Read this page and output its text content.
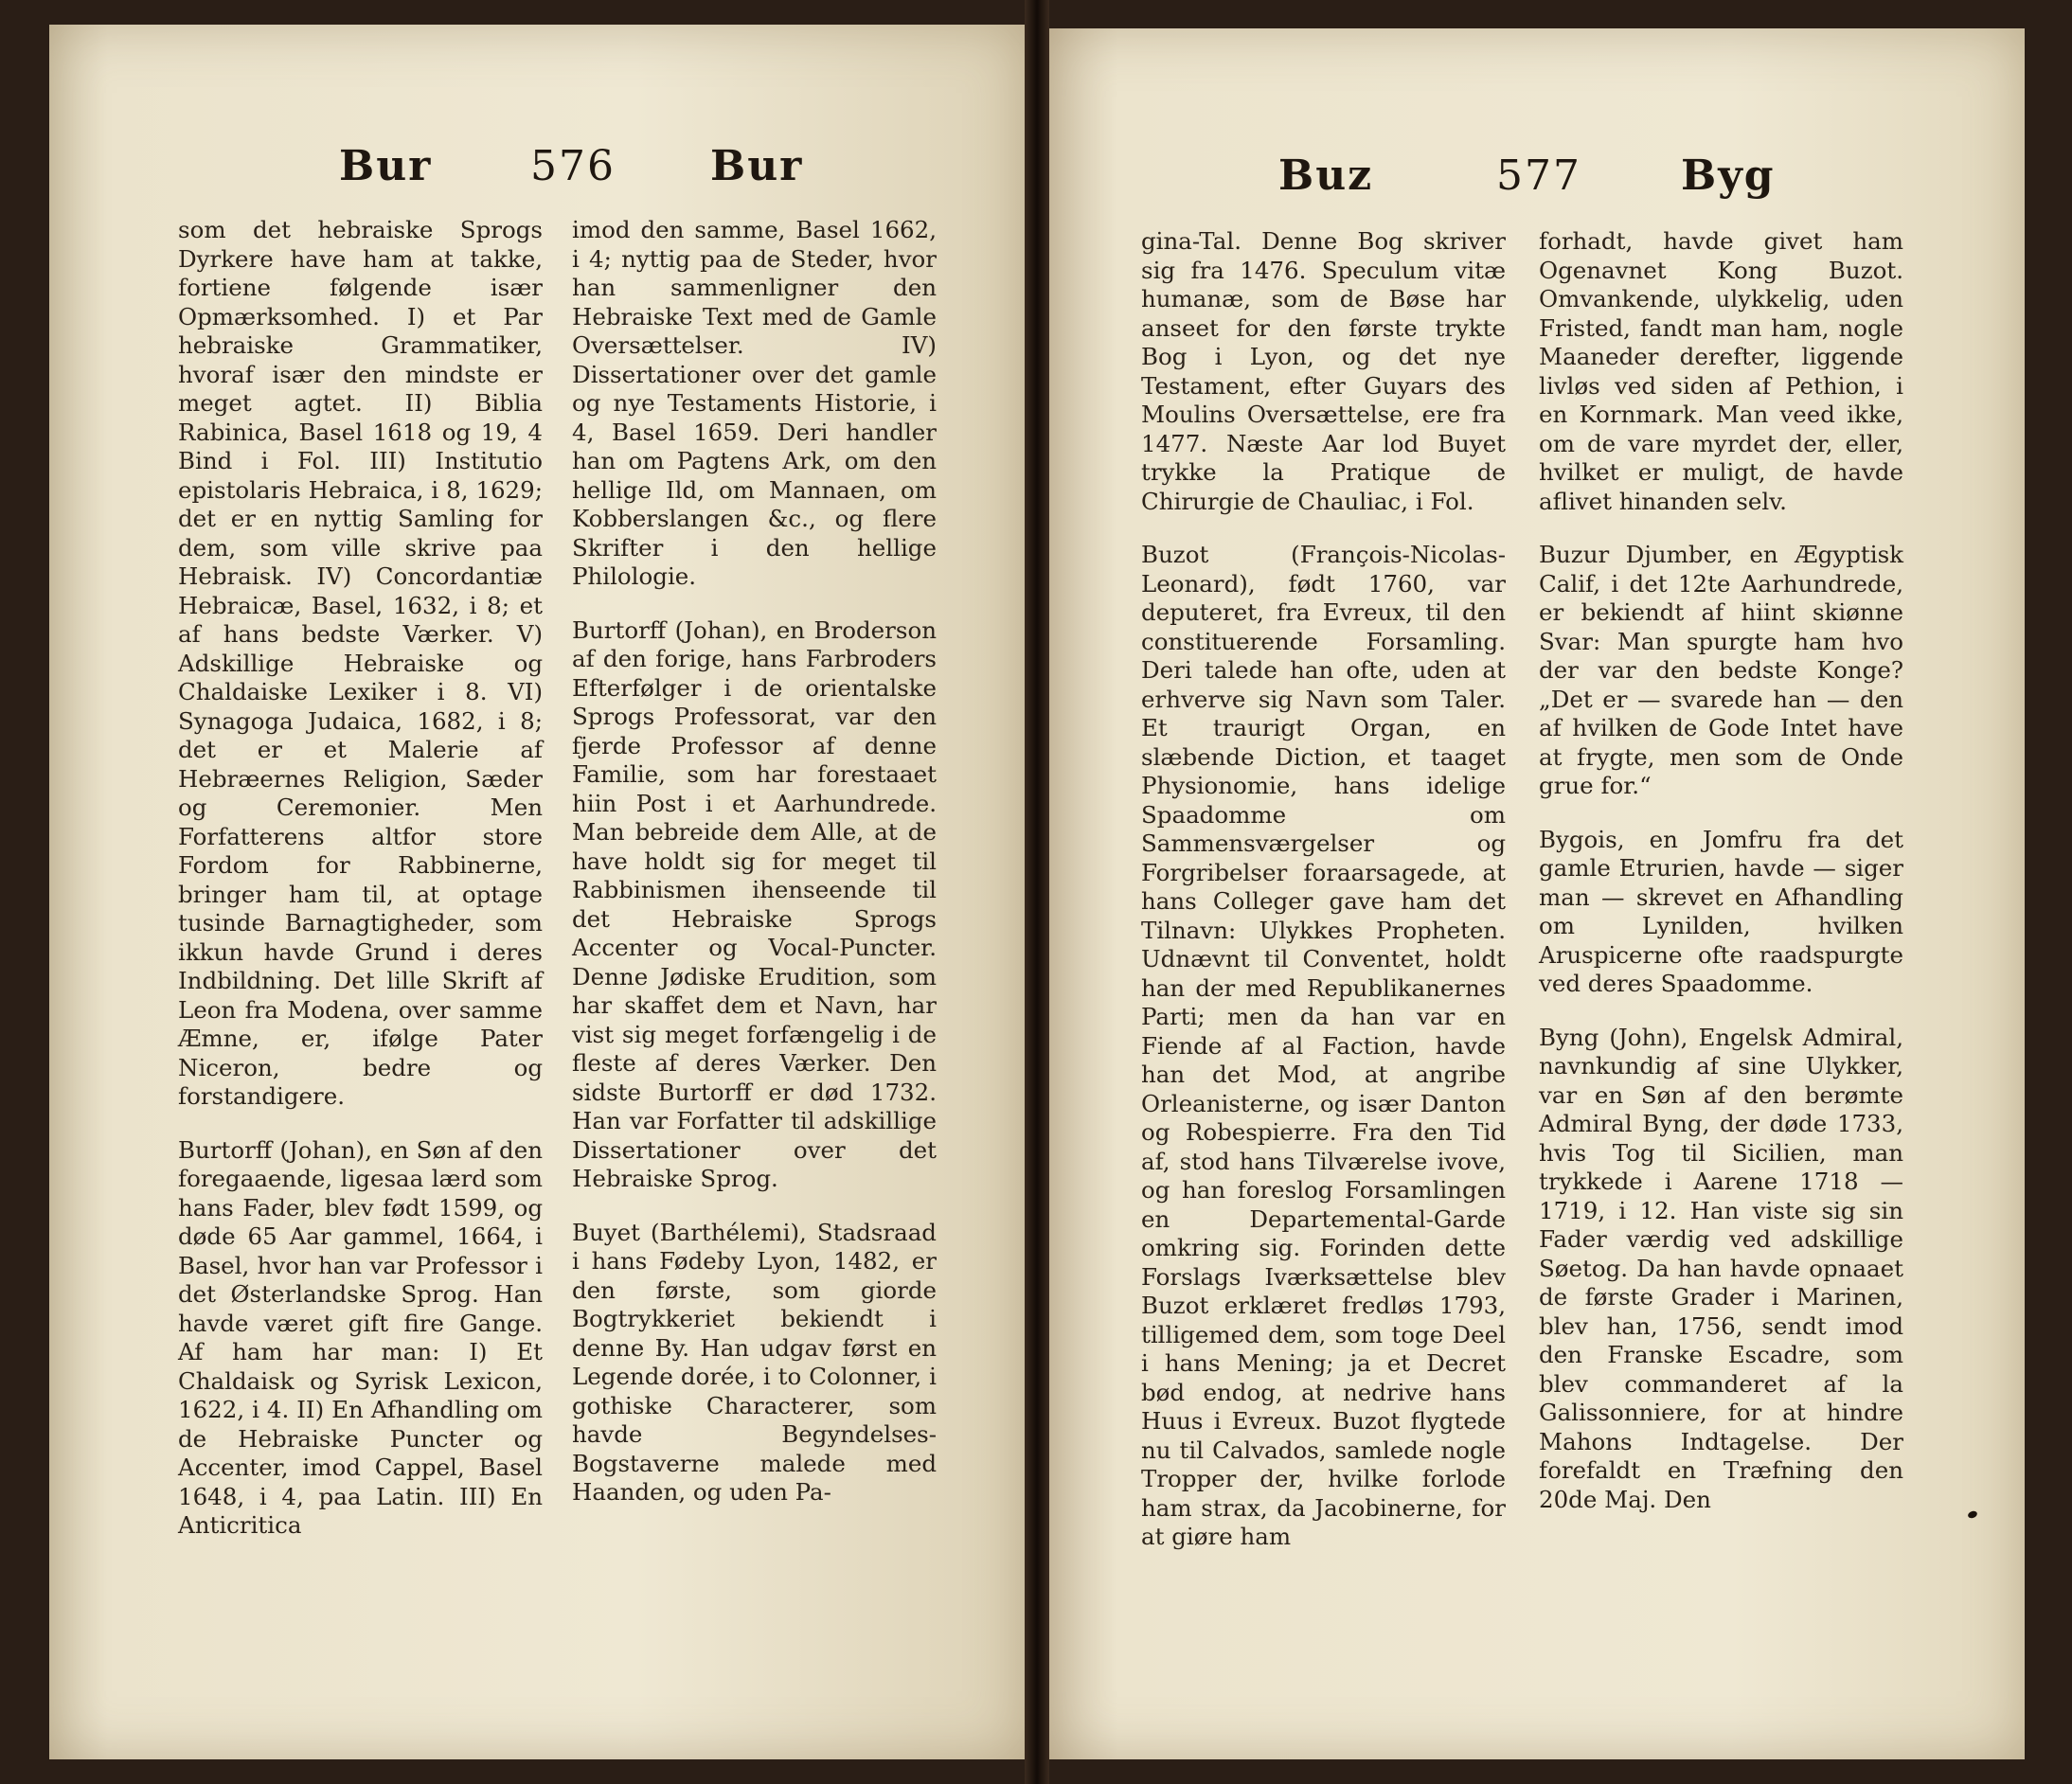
Bur 576 Bur	Buz	577 Byg

som det hebraiske Sprogs Dyrkere have ham at takke, fortiene følgende især Opmærksomhed. I) et Par hebraiske Grammatiker, hvoraf især den mindste er meget agtet. II) Biblia Rabinica, Basel 1618 og 19, 4 Bind i Fol. III) Institutio epistolaris Hebraica, i 8, 1629; det er en nyttig Samling for dem, som ville skrive paa Hebraisk. IV) Concordantiæ Hebraicæ, Basel, 1632, i 8; et af hans bedste Værker. V) Adskillige Hebraiske og Chaldaiske Lexiker i 8. VI) Synagoga Judaica, 1682, i 8; det er et Malerie af Hebræernes Religion, Sæder og Ceremonier. Men Forfatterens altfor store Fordom for Rabbinerne, bringer ham til, at optage tusinde Barnagtigheder, som ikkun havde Grund i deres Indbildning. Det lille Skrift af Leon fra Modena, over samme Æmne, er, ifølge Pater Niceron, bedre og forstandigere.

Burtorff (Johan), en Søn af den foregaaende, ligesaa lærd som hans Fader, blev født 1599, og døde 65 Aar gammel, 1664, i Basel, hvor han var Professor i det Østerlandske Sprog. Han havde været gift fire Gange. Af ham har man: I) Et Chaldaisk og Syrisk Lexicon, 1622, i 4. II) En Afhandling om de Hebraiske Puncter og Accenter, imod Cappel, Basel 1648, i 4, paa Latin. III) En Anticritica

imod den samme, Basel 1662, i 4; nyttig paa de Steder, hvor han sammenligner den Hebraiske Text med de Gamle Oversættelser. IV) Dissertationer over det gamle og nye Testaments Historie, i 4, Basel 1659. Deri handler han om Pagtens Ark, om den hellige Ild, om Mannaen, om Kobberslangen &c., og flere Skrifter i den hellige Philologie.

Burtorff (Johan), en Broderson af den forige, hans Farbroders Efterfølger i de orientalske Sprogs Professorat, var den fjerde Professor af denne Familie, som har forestaaet hiin Post i et Aarhundrede. Man bebreide dem Alle, at de have holdt sig for meget til Rabbinismen ihenseende til det Hebraiske Sprogs Accenter og Vocal-Puncter. Denne Jødiske Erudition, som har skaffet dem et Navn, har vist sig meget forfængelig i de fleste af deres Værker. Den sidste Burtorff er død 1732. Han var Forfatter til adskillige Dissertationer over det Hebraiske Sprog.

Buyet (Barthélemi), Stadsraad i hans Fødeby Lyon, 1482, er den første, som giorde Bogtrykkeriet bekiendt i denne By. Han udgav først en Legende dorée, i to Colonner, i gothiske Characterer, som havde Begyndelses-Bogstaverne malede med Haanden, og uden Pa-

gina-Tal. Denne Bog skriver sig fra 1476. Speculum vitæ humanæ, som de Bøse har anseet for den første trykte Bog i Lyon, og det nye Testament, efter Guyars des Moulins Oversættelse, ere fra 1477. Næste Aar lod Buyet trykke la Pratique de Chirurgie de Chauliac, i Fol.

Buzot (François-Nicolas-Leonard), født 1760, var deputeret, fra Evreux, til den constituerende Forsamling. Deri talede han ofte, uden at erhverve sig Navn som Taler. Et traurigt Organ, en slæbende Diction, et taaget Physionomie, hans idelige Spaadomme om Sammensværgelser og Forgribelser foraarsagede, at hans Colleger gave ham det Tilnavn: Ulykkes Propheten. Udnævnt til Conventet, holdt han der med Republikanernes Parti; men da han var en Fiende af al Faction, havde han det Mod, at angribe Orleanisterne, og især Danton og Robespierre. Fra den Tid af, stod hans Tilværelse ivove, og han foreslog Forsamlingen en Departemental-Garde omkring sig. Forinden dette Forslags Iværksættelse blev Buzot erklæret fredløs 1793, tilligemed dem, som toge Deel i hans Mening; ja et Decret bød endog, at nedrive hans Huus i Evreux. Buzot flygtede nu til Calvados, samlede nogle Tropper der, hvilke forlode ham strax, da Jacobinerne, for at giøre ham

forhadt, havde givet ham Ogenavnet Kong Buzot. Omvankende, ulykkelig, uden Fristed, fandt man ham, nogle Maaneder derefter, liggende livløs ved siden af Pethion, i en Kornmark. Man veed ikke, om de vare myrdet der, eller, hvilket er muligt, de havde aflivet hinanden selv.

Buzur Djumber, en Ægyptisk Calif, i det 12te Aarhundrede, er bekiendt af hiint skiønne Svar: Man spurgte ham hvo der var den bedste Konge? „Det er — svarede han — den af hvilken de Gode Intet have at frygte, men som de Onde grue for.“

Bygois, en Jomfru fra det gamle Etrurien, havde — siger man — skrevet en Afhandling om Lynilden, hvilken Aruspicerne ofte raadspurgte ved deres Spaadomme.

Byng (John), Engelsk Admiral, navnkundig af sine Ulykker, var en Søn af den berømte Admiral Byng, der døde 1733, hvis Tog til Sicilien, man trykkede i Aarene 1718 — 1719, i 12. Han viste sig sin Fader værdig ved adskillige Søetog. Da han havde opnaaet de første Grader i Marinen, blev han, 1756, sendt imod den Franske Escadre, som blev commanderet af la Galissonniere, for at hindre Mahons Indtagelse. Der forefaldt en Træfning den 20de Maj. Den
